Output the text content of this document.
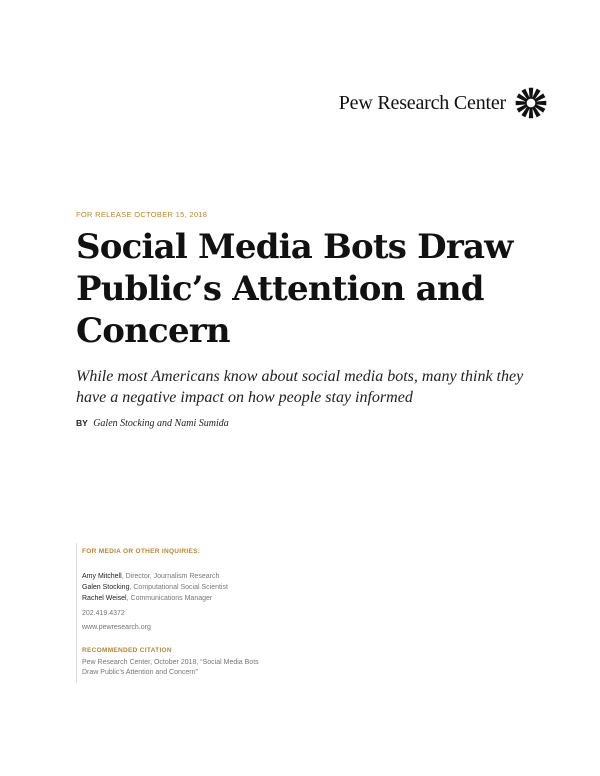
Pew Research Center
FOR RELEASE OCTOBER 15, 2018
Social Media Bots Draw Public’s Attention and Concern

While most Americans know about social media bots, many think they have a negative impact on how people stay informed

BY Galen Stocking and Nami Sumida
FOR MEDIA OR OTHER INQUIRIES:
Amy Mitchell, Director, Journalism Research
Galen Stocking, Computational Social Scientist
Rachel Weisel, Communications Manager
202.419.4372
www.pewresearch.org
RECOMMENDED CITATION
Pew Research Center, October 2018, “Social Media Bots Draw Public’s Attention and Concern”
